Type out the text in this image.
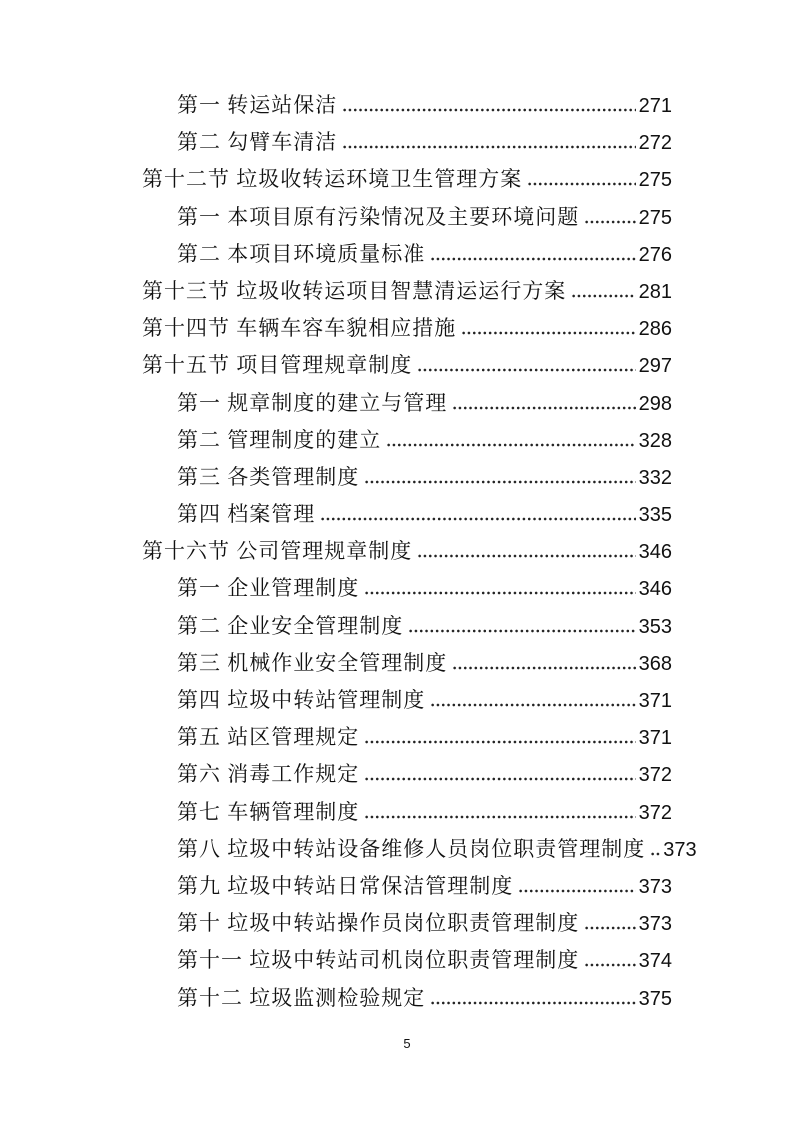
第一 转运站保洁	271
第二 勾臂车清洁	272
第十二节 垃圾收转运环境卫生管理方案	275
第一 本项目原有污染情况及主要环境问题	275
第二 本项目环境质量标准	276
第十三节 垃圾收转运项目智慧清运运行方案	281
第十四节 车辆车容车貌相应措施	286
第十五节 项目管理规章制度	297
第一 规章制度的建立与管理	298
第二 管理制度的建立	328
第三 各类管理制度	332
第四 档案管理	335
第十六节 公司管理规章制度	346
第一 企业管理制度	346
第二 企业安全管理制度	353
第三 机械作业安全管理制度	368
第四 垃圾中转站管理制度	371
第五 站区管理规定	371
第六 消毒工作规定	372
第七 车辆管理制度	372
第八 垃圾中转站设备维修人员岗位职责管理制度 373
第九 垃圾中转站日常保洁管理制度	373
第十 垃圾中转站操作员岗位职责管理制度	373
第十一 垃圾中转站司机岗位职责管理制度	374
第十二 垃圾监测检验规定	375
5
